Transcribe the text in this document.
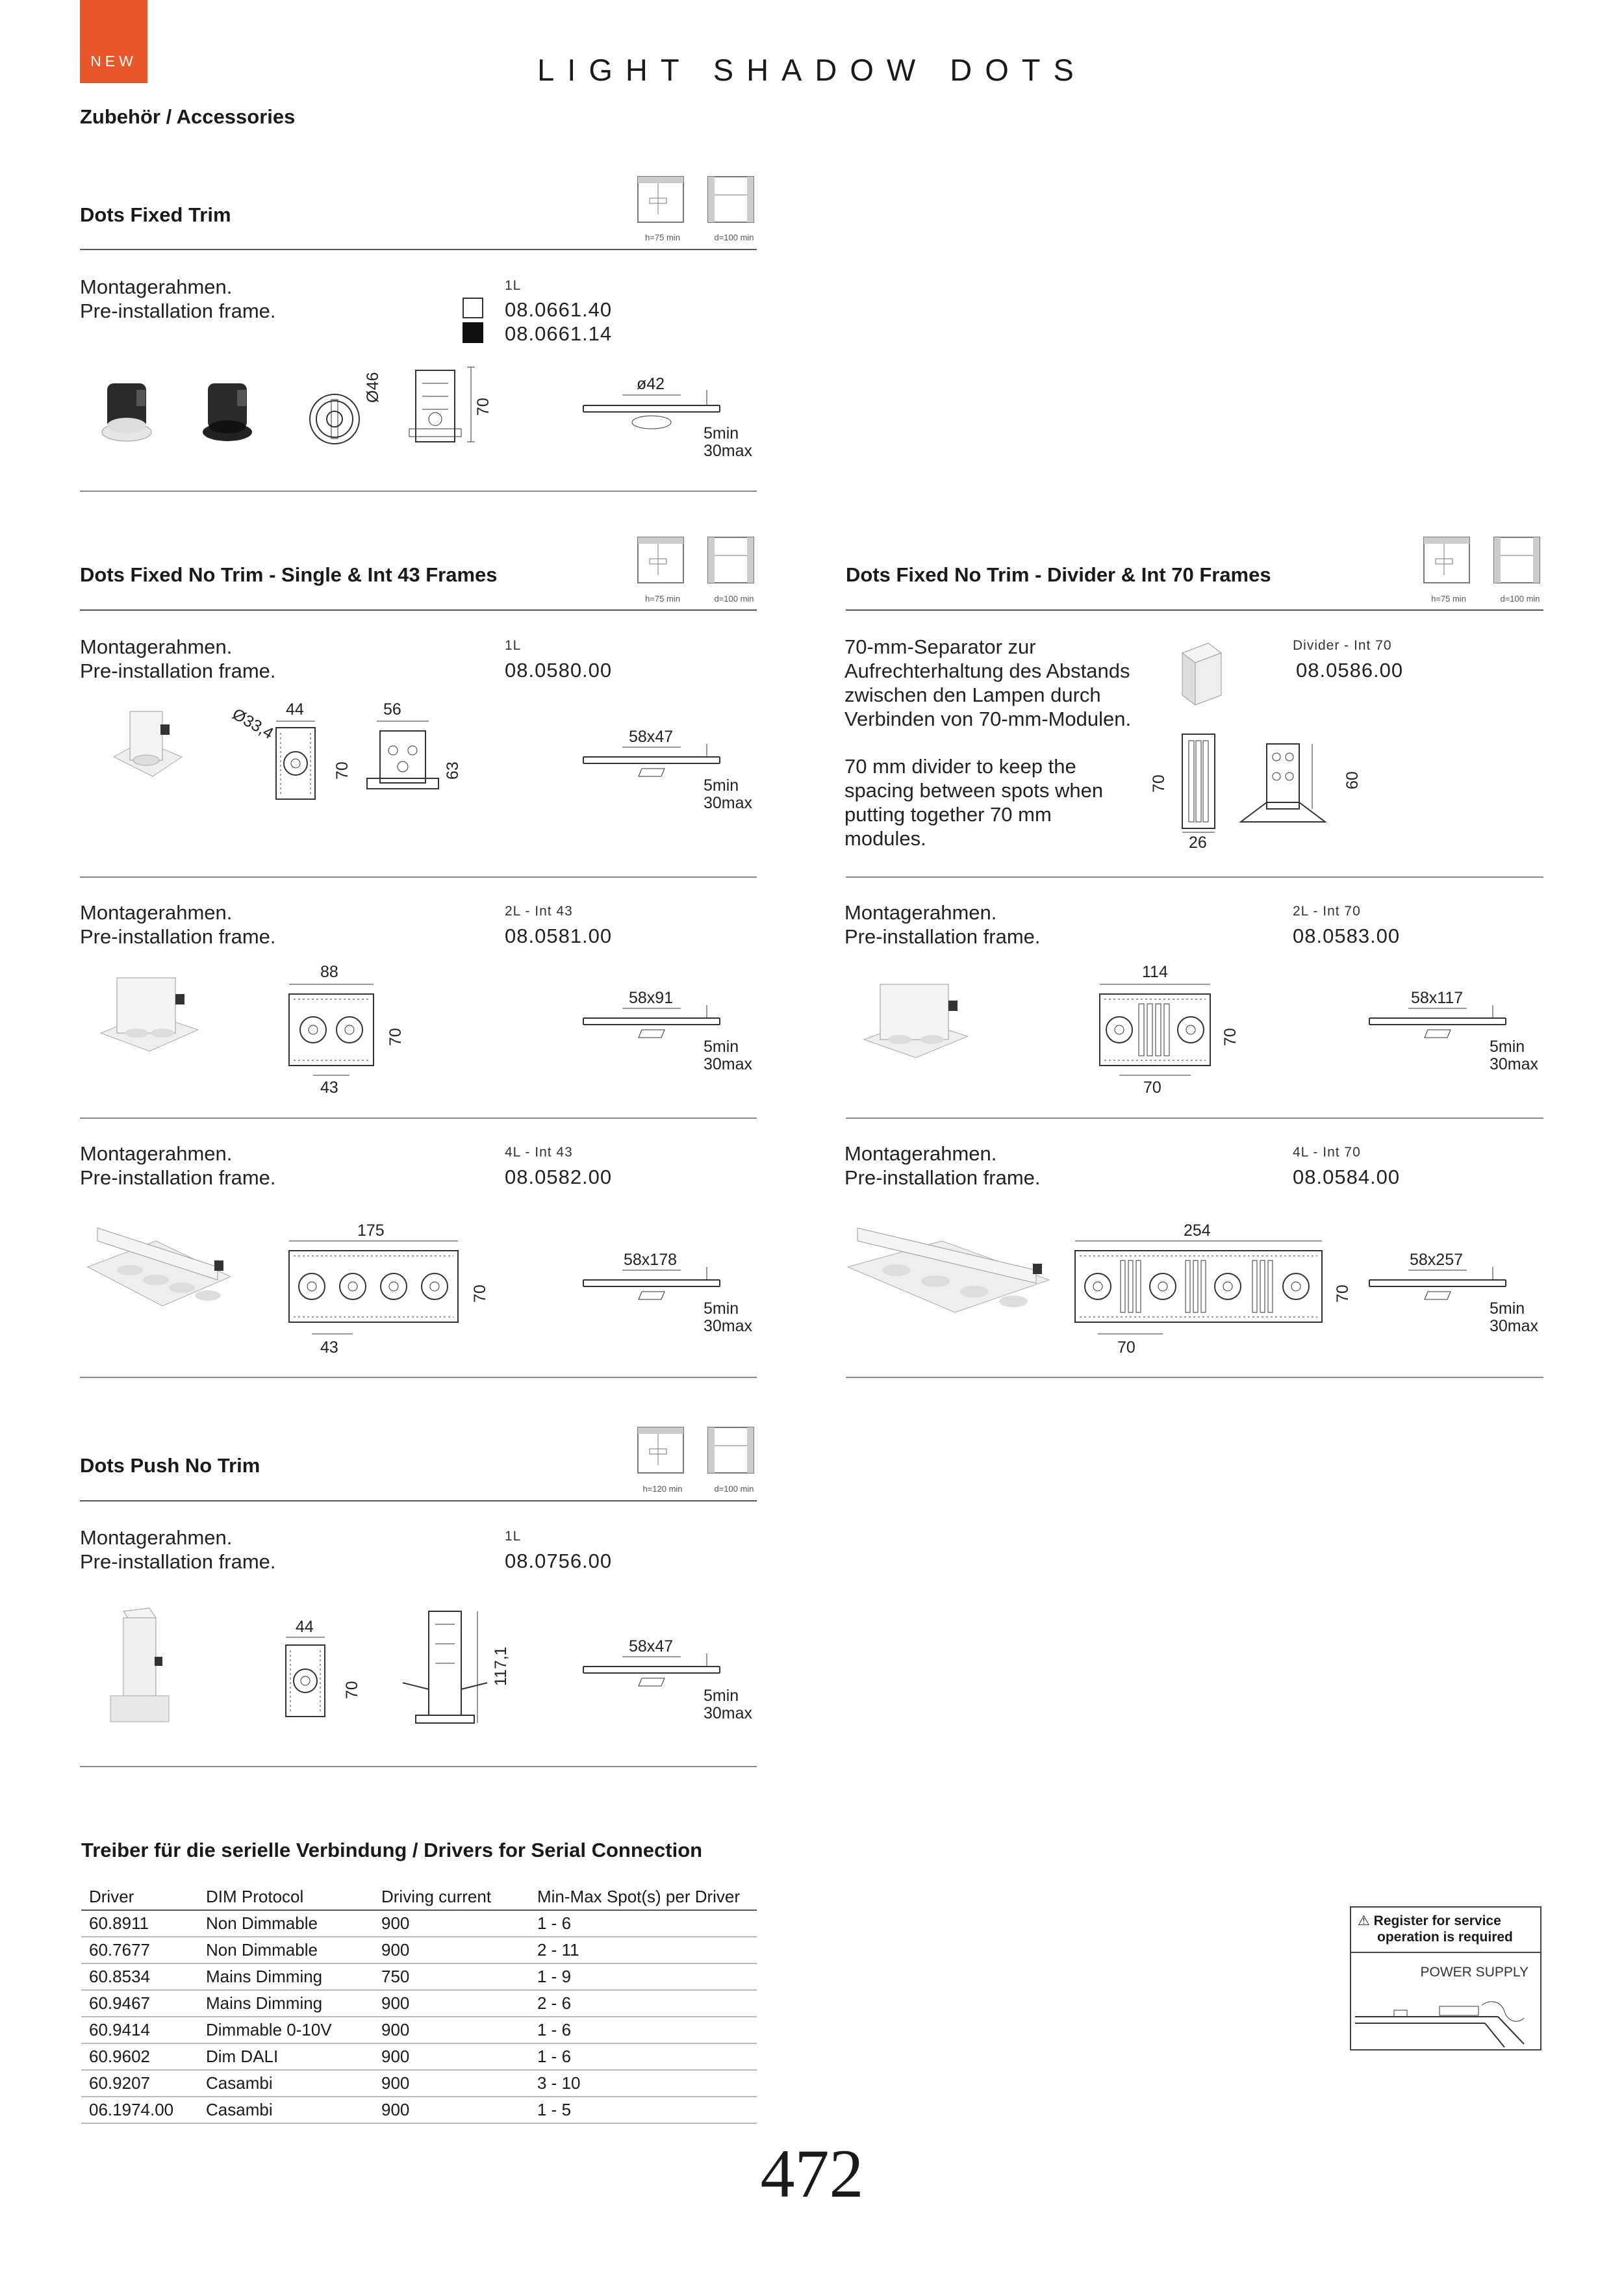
NEW	LIGHT SHADOW DOTS
Zubehör / Accessories
Dots Fixed Trim
h=75 min	d=100 min
Montagerahmen.
Pre-installation frame.
1L
08.0661.40
08.0661.14
Ø46
70
ø42
5min
30max
Dots Fixed No Trim - Single & Int 43 Frames
h=75 min	d=100 min
Montagerahmen.
Pre-installation frame.
1L
08.0580.00
44
Ø33,4
70
56
63
58x47
5min
30max
Dots Fixed No Trim - Divider & Int 70 Frames
h=75 min	d=100 min
70-mm-Separator zur
Aufrechterhaltung des Abstands
zwischen den Lampen durch
Verbinden von 70-mm-Modulen.
70 mm divider to keep the
spacing between spots when
putting together 70 mm
modules.
Divider - Int 70
08.0586.00
70
26
60
Montagerahmen.
Pre-installation frame.
2L - Int 43
08.0581.00
88
70
43
58x91
5min
30max
Montagerahmen.
Pre-installation frame.
2L - Int 70
08.0583.00
114
70
70
58x117
5min
30max
Montagerahmen.
Pre-installation frame.
4L - Int 43
08.0582.00
175
70
43
58x178
5min
30max
Montagerahmen.
Pre-installation frame.
4L - Int 70
08.0584.00
254
70
70
58x257
5min
30max
Dots Push No Trim
h=120 min	d=100 min
Montagerahmen.
Pre-installation frame.
1L
08.0756.00
44
70
117,1
58x47
5min
30max
Treiber für die serielle Verbindung / Drivers for Serial Connection
Driver	DIM Protocol	Driving current	Min-Max Spot(s) per Driver
60.8911	Non Dimmable	900	1 - 6
60.7677	Non Dimmable	900	2 - 11
60.8534	Mains Dimming	750	1 - 9
60.9467	Mains Dimming	900	2 - 6
60.9414	Dimmable 0-10V	900	1 - 6
60.9602	Dim DALI	900	1 - 6
60.9207	Casambi	900	3 - 10
06.1974.00	Casambi	900	1 - 5
⚠ Register for service
operation is required
POWER SUPPLY
472
